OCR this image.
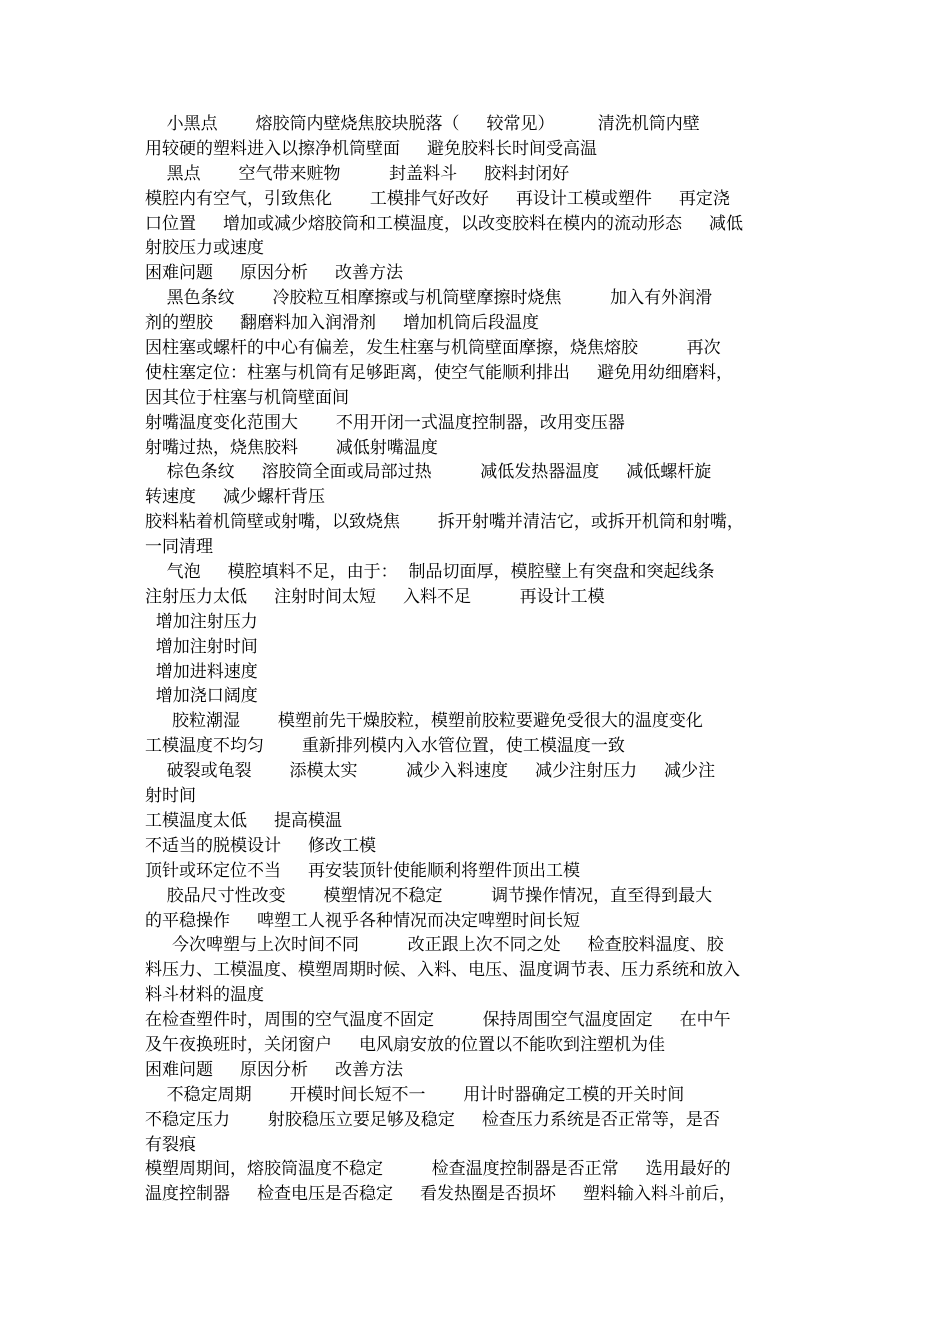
小黑点       熔胶筒内壁烧焦胶块脱落（     较常见）        清洗机筒内壁
用较硬的塑料进入以擦净机筒壁面     避免胶料长时间受高温
黑点       空气带来赃物         封盖料斗     胶料封闭好
模腔内有空气，引致焦化       工模排气好改好     再设计工模或塑件     再定浇
口位置     增加或减少熔胶筒和工模温度，以改变胶料在模内的流动形态     减低
射胶压力或速度
困难问题     原因分析     改善方法
黑色条纹       冷胶粒互相摩擦或与机筒壁摩擦时烧焦         加入有外润滑
剂的塑胶     翻磨料加入润滑剂     增加机筒后段温度
因柱塞或螺杆的中心有偏差，发生柱塞与机筒壁面摩擦，烧焦熔胶         再次
使柱塞定位：柱塞与机筒有足够距离，使空气能顺利排出     避免用幼细磨料，
因其位于柱塞与机筒壁面间
射嘴温度变化范围大       不用开闭一式温度控制器，改用变压器
射嘴过热，烧焦胶料       减低射嘴温度
棕色条纹     溶胶筒全面或局部过热         减低发热器温度     减低螺杆旋
转速度     减少螺杆背压
胶料粘着机筒壁或射嘴，以致烧焦       拆开射嘴并清洁它，或拆开机筒和射嘴，
一同清理
气泡     模腔填料不足，由于：  制品切面厚，模腔璧上有突盘和突起线条
注射压力太低     注射时间太短     入料不足         再设计工模
增加注射压力
增加注射时间
增加进料速度
增加浇口阔度
胶粒潮湿       模塑前先干燥胶粒，模塑前胶粒要避免受很大的温度变化
工模温度不均匀       重新排列模内入水管位置，使工模温度一致
破裂或龟裂       添模太实         减少入料速度     减少注射压力     减少注
射时间
工模温度太低     提高模温
不适当的脱模设计     修改工模
顶针或环定位不当     再安装顶针使能顺利将塑件顶出工模
胶品尺寸性改变       模塑情况不稳定         调节操作情况，直至得到最大
的平稳操作     啤塑工人视乎各种情况而决定啤塑时间长短
今次啤塑与上次时间不同         改正跟上次不同之处     检查胶料温度、胶
料压力、工模温度、模塑周期时候、入料、电压、温度调节表、压力系统和放入
料斗材料的温度
在检查塑件时，周围的空气温度不固定         保持周围空气温度固定     在中午
及午夜换班时，关闭窗户     电风扇安放的位置以不能吹到注塑机为佳
困难问题     原因分析     改善方法
不稳定周期       开模时间长短不一       用计时器确定工模的开关时间
不稳定压力       射胶稳压立要足够及稳定     检查压力系统是否正常等，是否
有裂痕
模塑周期间，熔胶筒温度不稳定         检查温度控制器是否正常     选用最好的
温度控制器     检查电压是否稳定     看发热圈是否损坏     塑料输入料斗前后，
